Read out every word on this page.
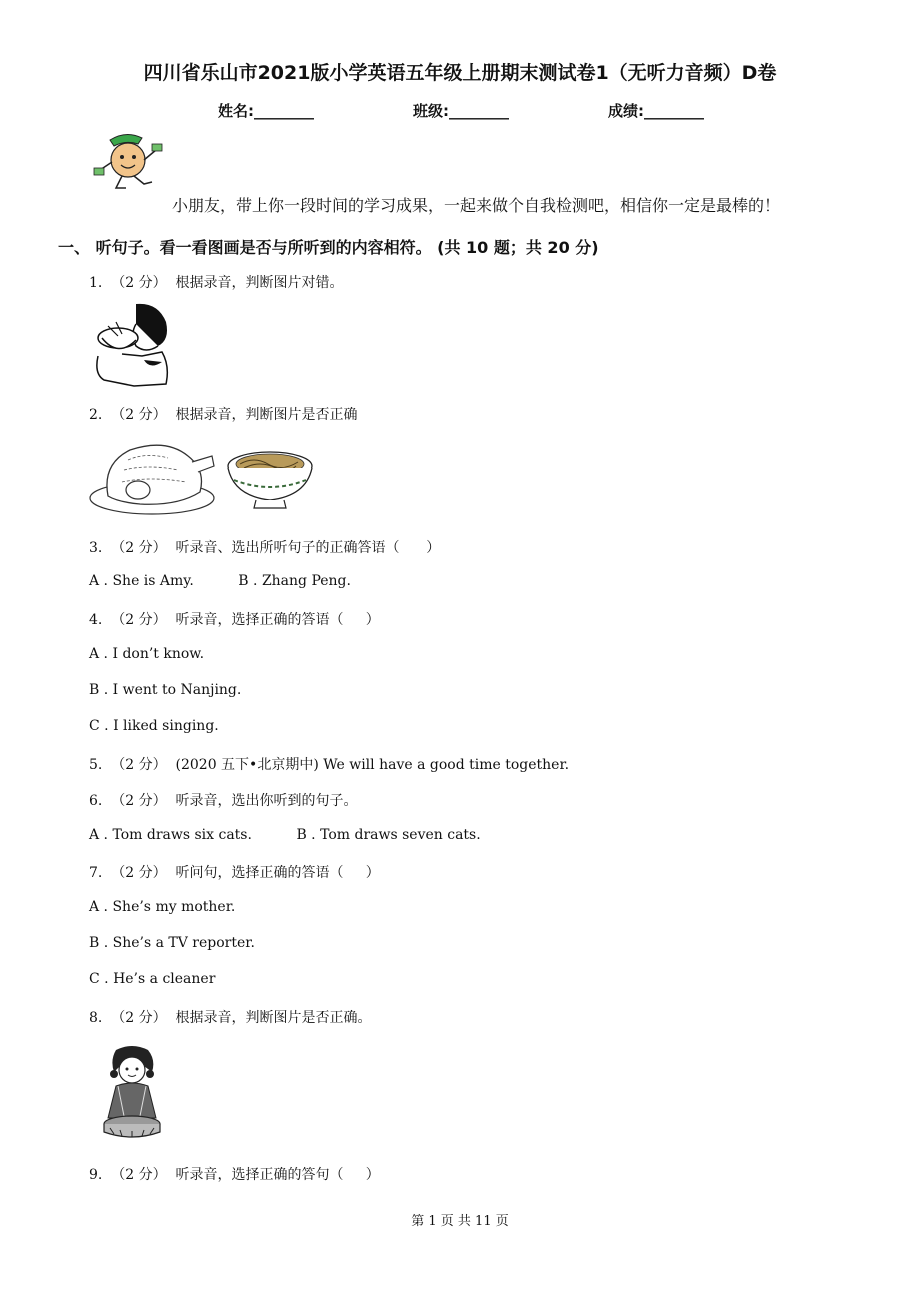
四川省乐山市2021版小学英语五年级上册期末测试卷1（无听力音频）D卷
姓名:________	班级:________	成绩:________
小朋友，带上你一段时间的学习成果，一起来做个自我检测吧，相信你一定是最棒的！
一、 听句子。看一看图画是否与所听到的内容相符。 (共 10 题；共 20 分)
1.  （2 分）  根据录音，判断图片对错。
2.  （2 分）  根据录音，判断图片是否正确
3.  （2 分）  听录音、选出所听句子的正确答语（      ）
A . She is Amy.          B . Zhang Peng.
4.  （2 分）  听录音，选择正确的答语（     ）
A . I don’t know.
B . I went to Nanjing.
C . I liked singing.
5.  （2 分）  (2020 五下•北京期中) We will have a good time together.
6.  （2 分）  听录音，选出你听到的句子。
A . Tom draws six cats.          B . Tom draws seven cats.
7.  （2 分）  听问句，选择正确的答语（     ）
A . She’s my mother.
B . She’s a TV reporter.
C . He’s a cleaner
8.  （2 分）  根据录音，判断图片是否正确。
9.  （2 分）  听录音，选择正确的答句（     ）
第 1 页 共 11 页
